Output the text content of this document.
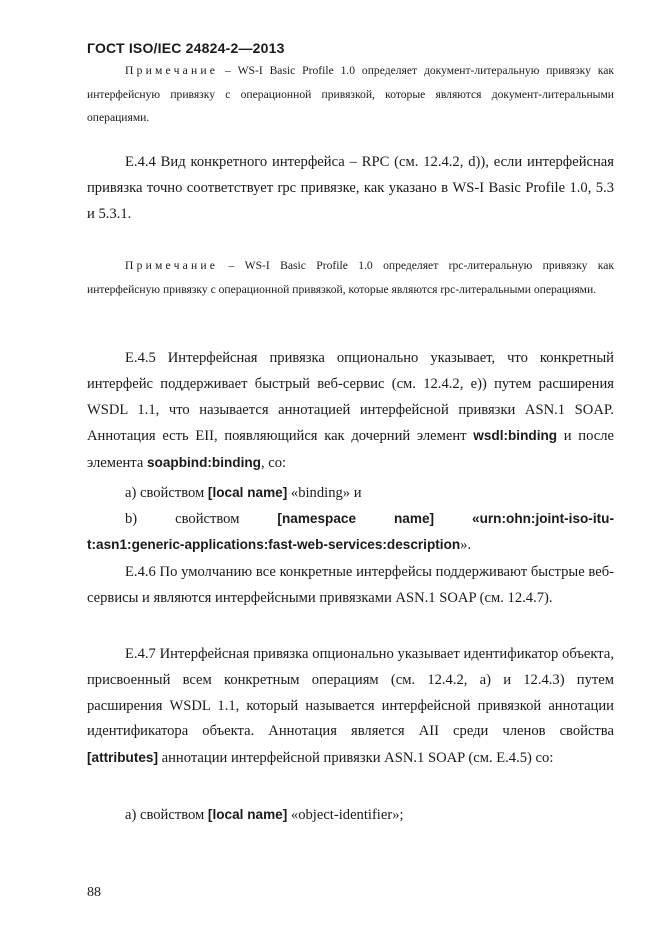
ГОСТ ISO/IEC 24824-2—2013
Примечание – WS-I Basic Profile 1.0 определяет документ-литеральную привязку как интерфейсную привязку с операционной привязкой, которые являются документ-литеральными операциями.
Е.4.4 Вид конкретного интерфейса – RPC (см. 12.4.2, d)), если интерфейсная привязка точно соответствует rpc привязке, как указано в WS-I Basic Profile 1.0, 5.3 и 5.3.1.
Примечание – WS-I Basic Profile 1.0 определяет rpc-литеральную привязку как интерфейсную привязку с операционной привязкой, которые являются rpc-литеральными операциями.
Е.4.5 Интерфейсная привязка опционально указывает, что конкретный интерфейс поддерживает быстрый веб-сервис (см. 12.4.2, e)) путем расширения WSDL 1.1, что называется аннотацией интерфейсной привязки ASN.1 SOAP. Аннотация есть EII, появляющийся как дочерний элемент wsdl:binding и после элемента soapbind:binding, со:
a) свойством [local name] «binding» и
b)	свойством	[namespace	name]	«urn:ohn:joint-iso-itu-
t:asn1:generic-applications:fast-web-services:description».
Е.4.6 По умолчанию все конкретные интерфейсы поддерживают быстрые веб-сервисы и являются интерфейсными привязками ASN.1 SOAP (см. 12.4.7).
Е.4.7 Интерфейсная привязка опционально указывает идентификатор объекта, присвоенный всем конкретным операциям (см. 12.4.2, a) и 12.4.3) путем расширения WSDL 1.1, который называется интерфейсной привязкой аннотации идентификатора объекта. Аннотация является AII среди членов свойства [attributes] аннотации интерфейсной привязки ASN.1 SOAP (см. Е.4.5) со:
a) свойством [local name] «object-identifier»;
88
